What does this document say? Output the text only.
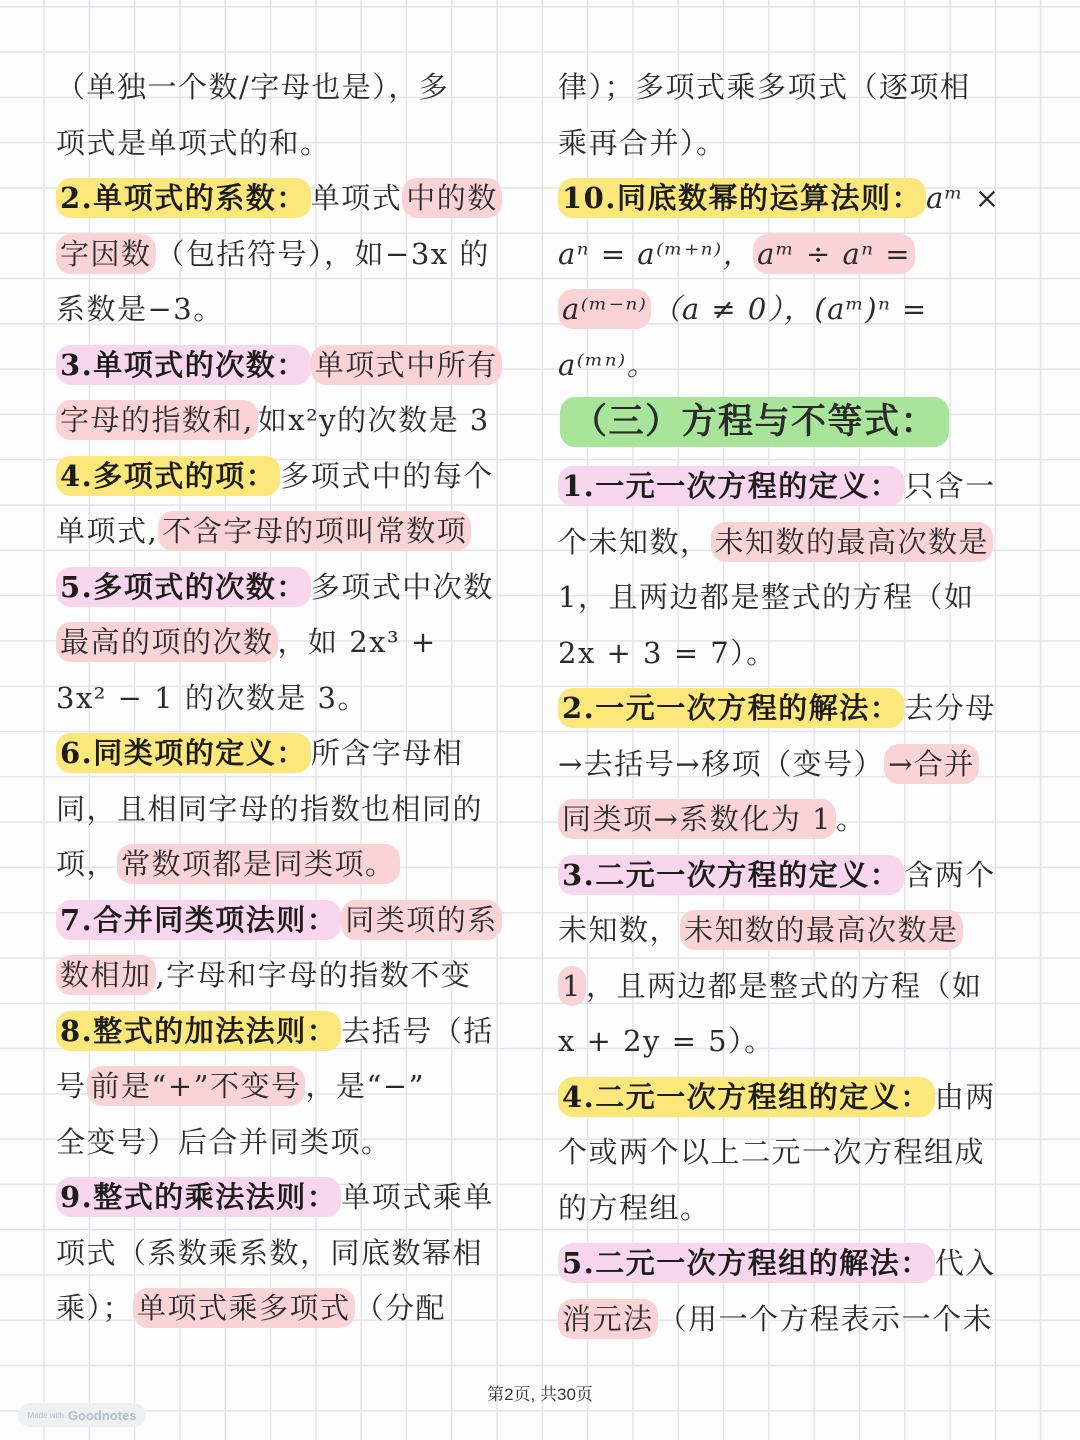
（单独一个数/字母也是），多
项式是单项式的和。
2.单项式的系数： 单项式 中的数
字因数 （包括符号），如−3x 的
系数是−3。
3.单项式的次数： 单项式中所有
字母的指数和, 如x²y的次数是 3
4.多项式的项： 多项式中的每个
单项式, 不含字母的项叫常数项
5.多项式的次数： 多项式中次数
最高的项的次数 ，如 2x³ +
3x² − 1 的次数是 3。
6.同类项的定义： 所含字母相
同，且相同字母的指数也相同的
项， 常数项都是同类项。
7.合并同类项法则： 同类项的系
数相加 ,字母和字母的指数不变
8.整式的加法法则： 去括号（括
号 前是“+”不变号 ，是“−”
全变号）后合并同类项。
9.整式的乘法法则： 单项式乘单
项式（系数乘系数，同底数幂相
乘）； 单项式乘多项式 （分配
律）；多项式乘多项式（逐项相
乘再合并）。
10.同底数幂的运算法则： aᵐ ×
aⁿ = a⁽ᵐ⁺ⁿ⁾， aᵐ ÷ aⁿ =
a⁽ᵐ⁻ⁿ⁾ （a ≠ 0），(aᵐ)ⁿ =
a⁽ᵐⁿ⁾。
（三）方程与不等式：
1.一元一次方程的定义： 只含一
个未知数， 未知数的最高次数是
1，且两边都是整式的方程（如
2x + 3 = 7）。
2.一元一次方程的解法： 去分母
→去括号→移项（变号） →合并
同类项→系数化为 1 。
3.二元一次方程的定义： 含两个
未知数， 未知数的最高次数是
1 ，且两边都是整式的方程（如
x + 2y = 5）。
4.二元一次方程组的定义： 由两
个或两个以上二元一次方程组成
的方程组。
5.二元一次方程组的解法： 代入
消元法 （用一个方程表示一个未
第2页, 共30页
Made with Goodnotes
